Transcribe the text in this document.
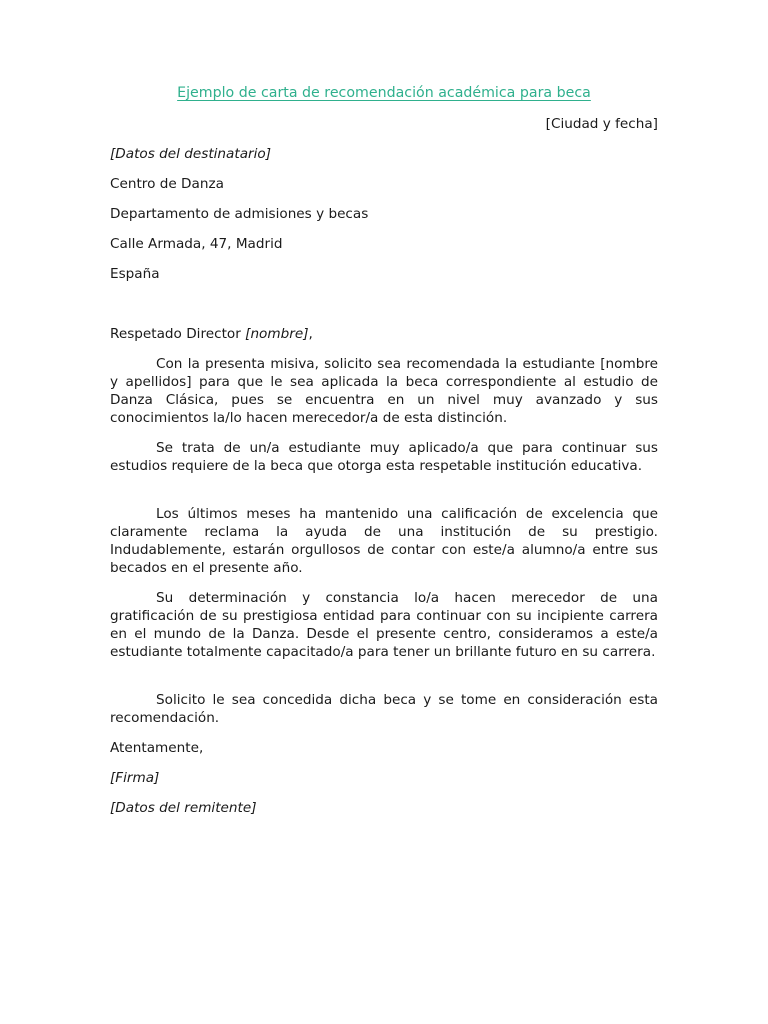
Ejemplo de carta de recomendación académica para beca
[Ciudad y fecha]
[Datos del destinatario]
Centro de Danza
Departamento de admisiones y becas
Calle Armada, 47, Madrid
España
Respetado Director [nombre],

Con la presenta misiva, solicito sea recomendada la estudiante [nombre y apellidos] para que le sea aplicada la beca correspondiente al estudio de Danza Clásica, pues se encuentra en un nivel muy avanzado y sus conocimientos la/lo hacen merecedor/a de esta distinción.

Se trata de un/a estudiante muy aplicado/a que para continuar sus estudios requiere de la beca que otorga esta respetable institución educativa.

Los últimos meses ha mantenido una calificación de excelencia que claramente reclama la ayuda de una institución de su prestigio. Indudablemente, estarán orgullosos de contar con este/a alumno/a entre sus becados en el presente año.

Su determinación y constancia lo/a hacen merecedor de una gratificación de su prestigiosa entidad para continuar con su incipiente carrera en el mundo de la Danza. Desde el presente centro, consideramos a este/a estudiante totalmente capacitado/a para tener un brillante futuro en su carrera.

Solicito le sea concedida dicha beca y se tome en consideración esta recomendación.

Atentamente,
[Firma]
[Datos del remitente]
